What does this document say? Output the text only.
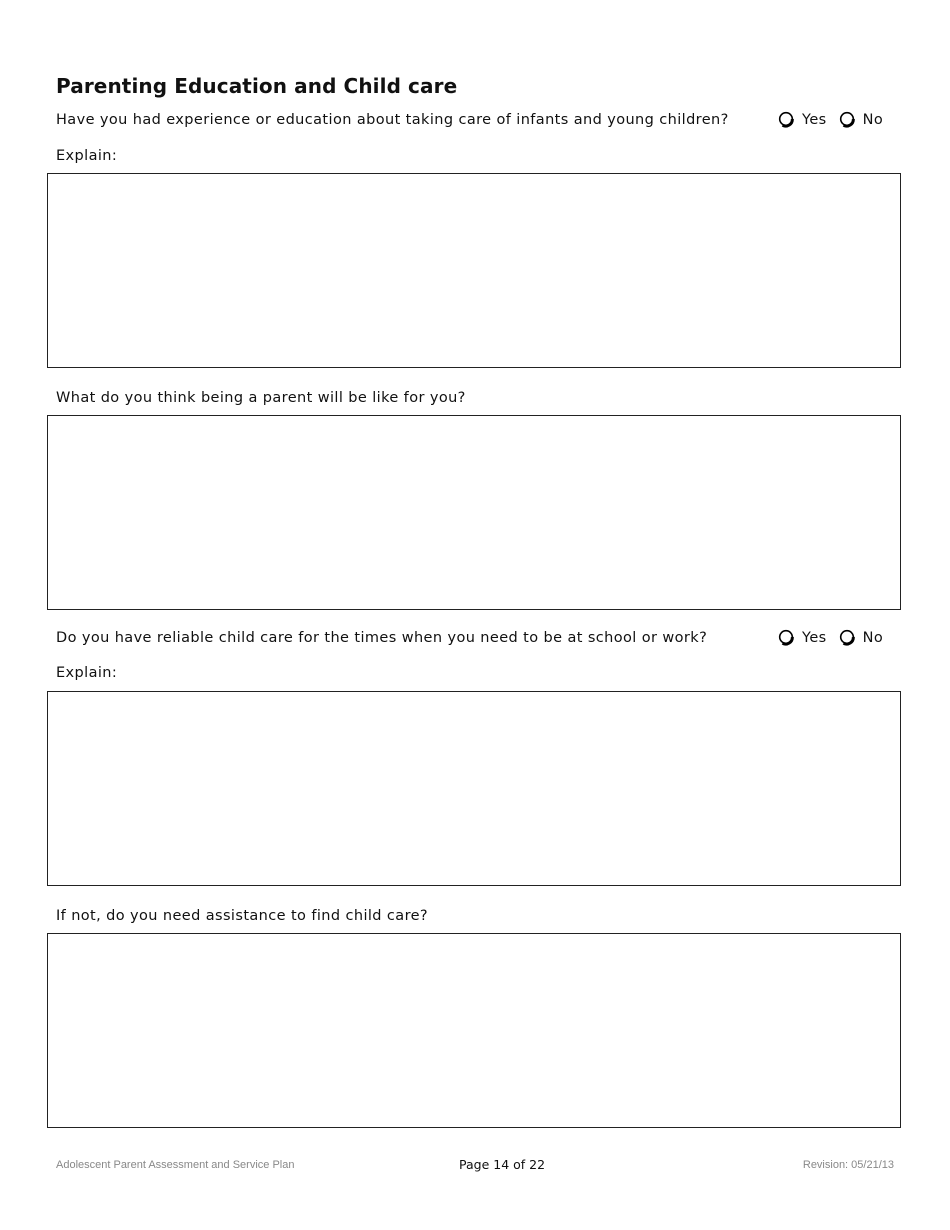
Parenting Education and Child care
Have you had experience or education about taking care of infants and young children?	Yes No
Explain:
What do you think being a parent will be like for you?
Do you have reliable child care for the times when you need to be at school or work?	Yes No
Explain:
If not, do you need assistance to find child care?
Adolescent Parent Assessment and Service Plan	Page 14 of 22	Revision: 05/21/13
